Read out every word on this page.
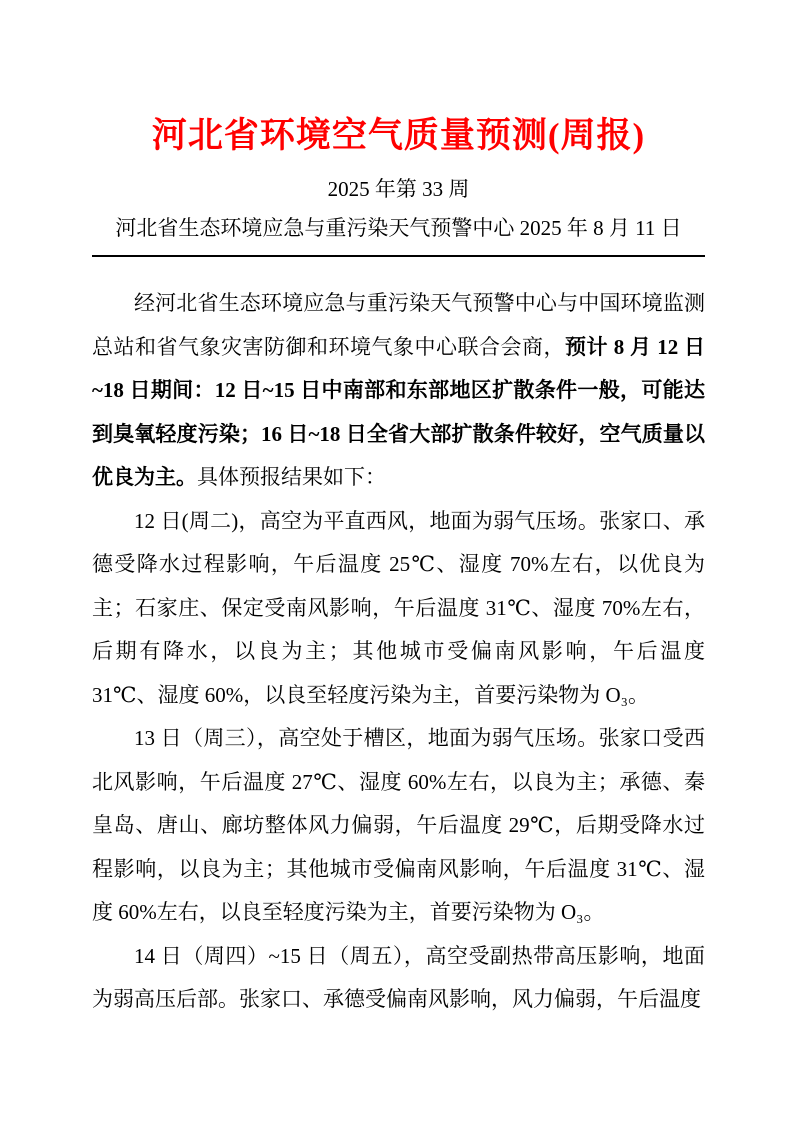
河北省环境空气质量预测(周报)
2025 年第 33 周
河北省生态环境应急与重污染天气预警中心 2025 年 8 月 11 日

经河北省生态环境应急与重污染天气预警中心与中国环境监测总站和省气象灾害防御和环境气象中心联合会商，预计 8 月 12 日~18 日期间：12 日~15 日中南部和东部地区扩散条件一般，可能达到臭氧轻度污染；16 日~18 日全省大部扩散条件较好，空气质量以优良为主。具体预报结果如下：

12 日(周二)，高空为平直西风，地面为弱气压场。张家口、承德受降水过程影响，午后温度 25℃、湿度 70%左右，以优良为主；石家庄、保定受南风影响，午后温度 31℃、湿度 70%左右，后期有降水，以良为主；其他城市受偏南风影响，午后温度 31℃、湿度 60%，以良至轻度污染为主，首要污染物为 O₃。

13 日（周三），高空处于槽区，地面为弱气压场。张家口受西北风影响，午后温度 27℃、湿度 60%左右，以良为主；承德、秦皇岛、唐山、廊坊整体风力偏弱，午后温度 29℃，后期受降水过程影响，以良为主；其他城市受偏南风影响，午后温度 31℃、湿度 60%左右，以良至轻度污染为主，首要污染物为 O₃。

14 日（周四）~15 日（周五），高空受副热带高压影响，地面为弱高压后部。张家口、承德受偏南风影响，风力偏弱，午后温度
